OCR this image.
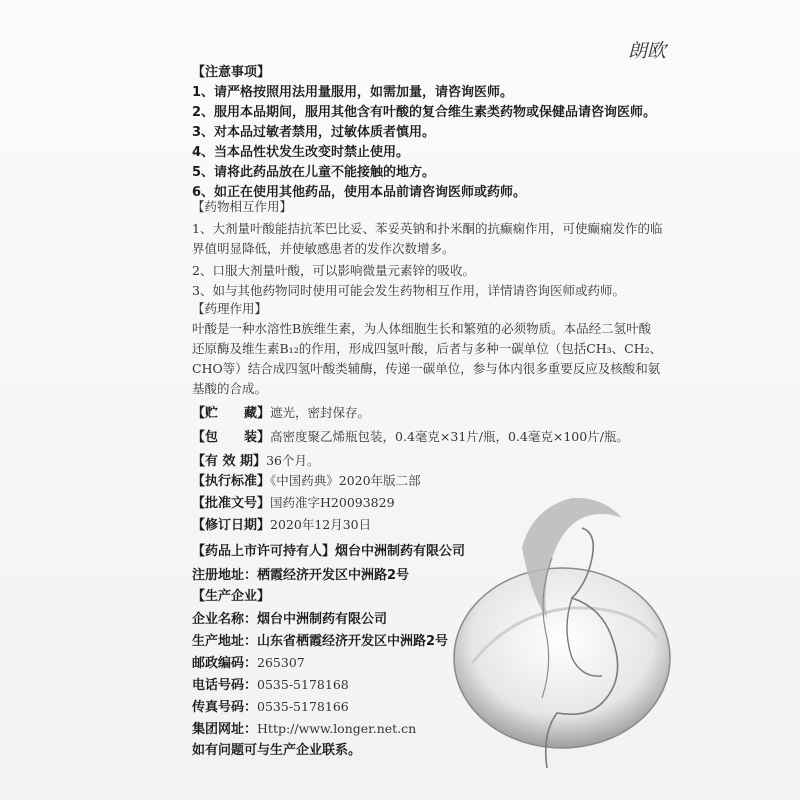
朗欧
【注意事项】
1、请严格按照用法用量服用，如需加量，请咨询医师。
2、服用本品期间，服用其他含有叶酸的复合维生素类药物或保健品请咨询医师。
3、对本品过敏者禁用，过敏体质者慎用。
4、当本品性状发生改变时禁止使用。
5、请将此药品放在儿童不能接触的地方。
6、如正在使用其他药品，使用本品前请咨询医师或药师。
【药物相互作用】
1、大剂量叶酸能拮抗苯巴比妥、苯妥英钠和扑米酮的抗癫痫作用，可使癫痫发作的临
界值明显降低，并使敏感患者的发作次数增多。
2、口服大剂量叶酸，可以影响微量元素锌的吸收。
3、如与其他药物同时使用可能会发生药物相互作用，详情请咨询医师或药师。
【药理作用】
叶酸是一种水溶性B族维生素，为人体细胞生长和繁殖的必须物质。本品经二氢叶酸
还原酶及维生素B₁₂的作用，形成四氢叶酸，后者与多种一碳单位（包括CH₃、CH₂、
CHO等）结合成四氢叶酸类辅酶，传递一碳单位，参与体内很多重要反应及核酸和氨
基酸的合成。
【贮　　藏】遮光，密封保存。
【包　　装】高密度聚乙烯瓶包装，0.4毫克×31片/瓶，0.4毫克×100片/瓶。
【有 效 期】36个月。
【执行标准】《中国药典》2020年版二部
【批准文号】国药准字H20093829
【修订日期】2020年12月30日
【药品上市许可持有人】烟台中洲制药有限公司
注册地址：栖霞经济开发区中洲路2号
【生产企业】
企业名称：烟台中洲制药有限公司
生产地址：山东省栖霞经济开发区中洲路2号
邮政编码：265307
电话号码：0535-5178168
传真号码：0535-5178166
集团网址：Http://www.longer.net.cn
如有问题可与生产企业联系。
